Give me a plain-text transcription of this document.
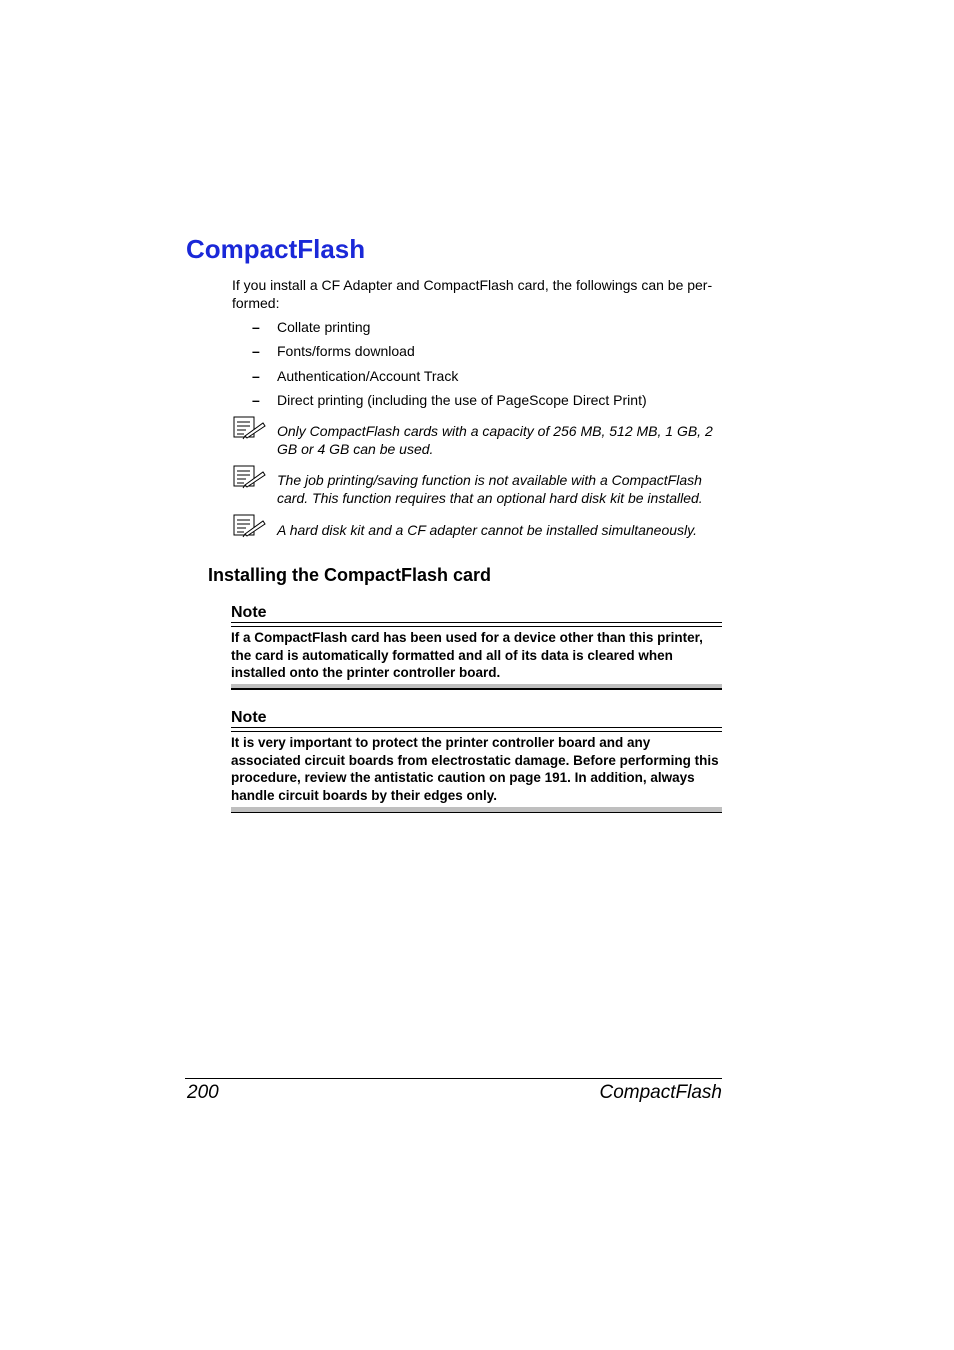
CompactFlash

If you install a CF Adapter and CompactFlash card, the followings can be per-formed:

– Collate printing
– Fonts/forms download
– Authentication/Account Track
– Direct printing (including the use of PageScope Direct Print)

Only CompactFlash cards with a capacity of 256 MB, 512 MB, 1 GB, 2 GB or 4 GB can be used.

The job printing/saving function is not available with a CompactFlash card. This function requires that an optional hard disk kit be installed.

A hard disk kit and a CF adapter cannot be installed simultaneously.

Installing the CompactFlash card
Note

If a CompactFlash card has been used for a device other than this printer, the card is automatically formatted and all of its data is cleared when installed onto the printer controller board.

Note

It is very important to protect the printer controller board and any associated circuit boards from electrostatic damage. Before performing this procedure, review the antistatic caution on page 191. In addition, always handle circuit boards by their edges only.

200	CompactFlash
